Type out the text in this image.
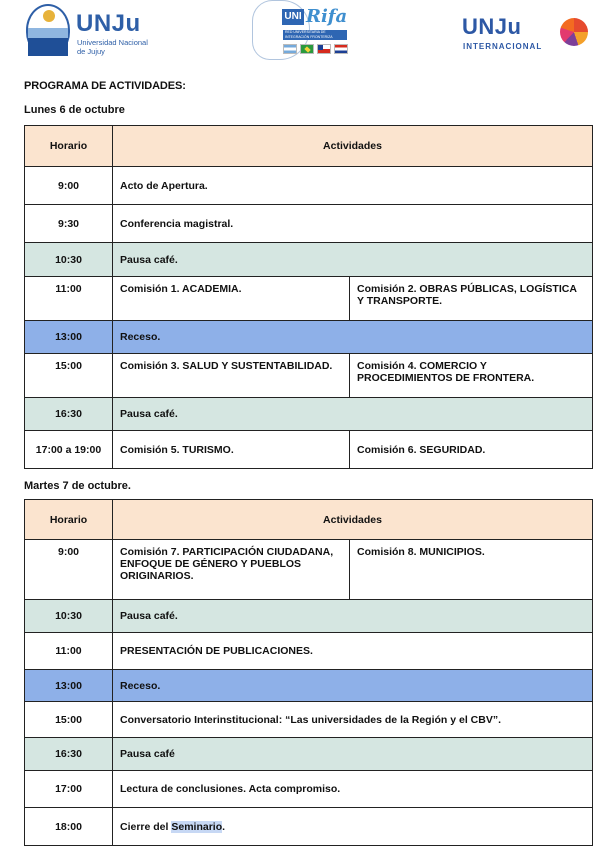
UNJu
Universidad Nacional de Jujuy
UNI Rifa
RED UNIVERSITARIA DE INTEGRACIÓN FRONTERIZA ARGENTINA
UNJu
INTERNACIONAL
PROGRAMA DE ACTIVIDADES:
Lunes 6 de octubre
Horario	Actividades	
9:00	Acto de Apertura.	
9:30	Conferencia magistral.	
10:30	Pausa café.	
11:00	Comisión 1. ACADEMIA.	Comisión 2. OBRAS PÚBLICAS, LOGÍSTICA Y TRANSPORTE.
13:00	Receso.	
15:00	Comisión 3. SALUD Y SUSTENTABILIDAD.	Comisión 4. COMERCIO Y PROCEDIMIENTOS DE FRONTERA.
16:30	Pausa café.	
17:00 a 19:00	Comisión 5. TURISMO.	Comisión 6. SEGURIDAD.
Martes 7 de octubre.
Horario	Actividades	
9:00	Comisión 7. PARTICIPACIÓN CIUDADANA, ENFOQUE DE GÉNERO Y PUEBLOS ORIGINARIOS.	Comisión 8. MUNICIPIOS.
10:30	Pausa café.	
11:00	PRESENTACIÓN DE PUBLICACIONES.	
13:00	Receso.	
15:00	Conversatorio Interinstitucional: “Las universidades de la Región y el CBV”.	
16:30	Pausa café	
17:00	Lectura de conclusiones. Acta compromiso.	
18:00	Cierre del Seminario.	
